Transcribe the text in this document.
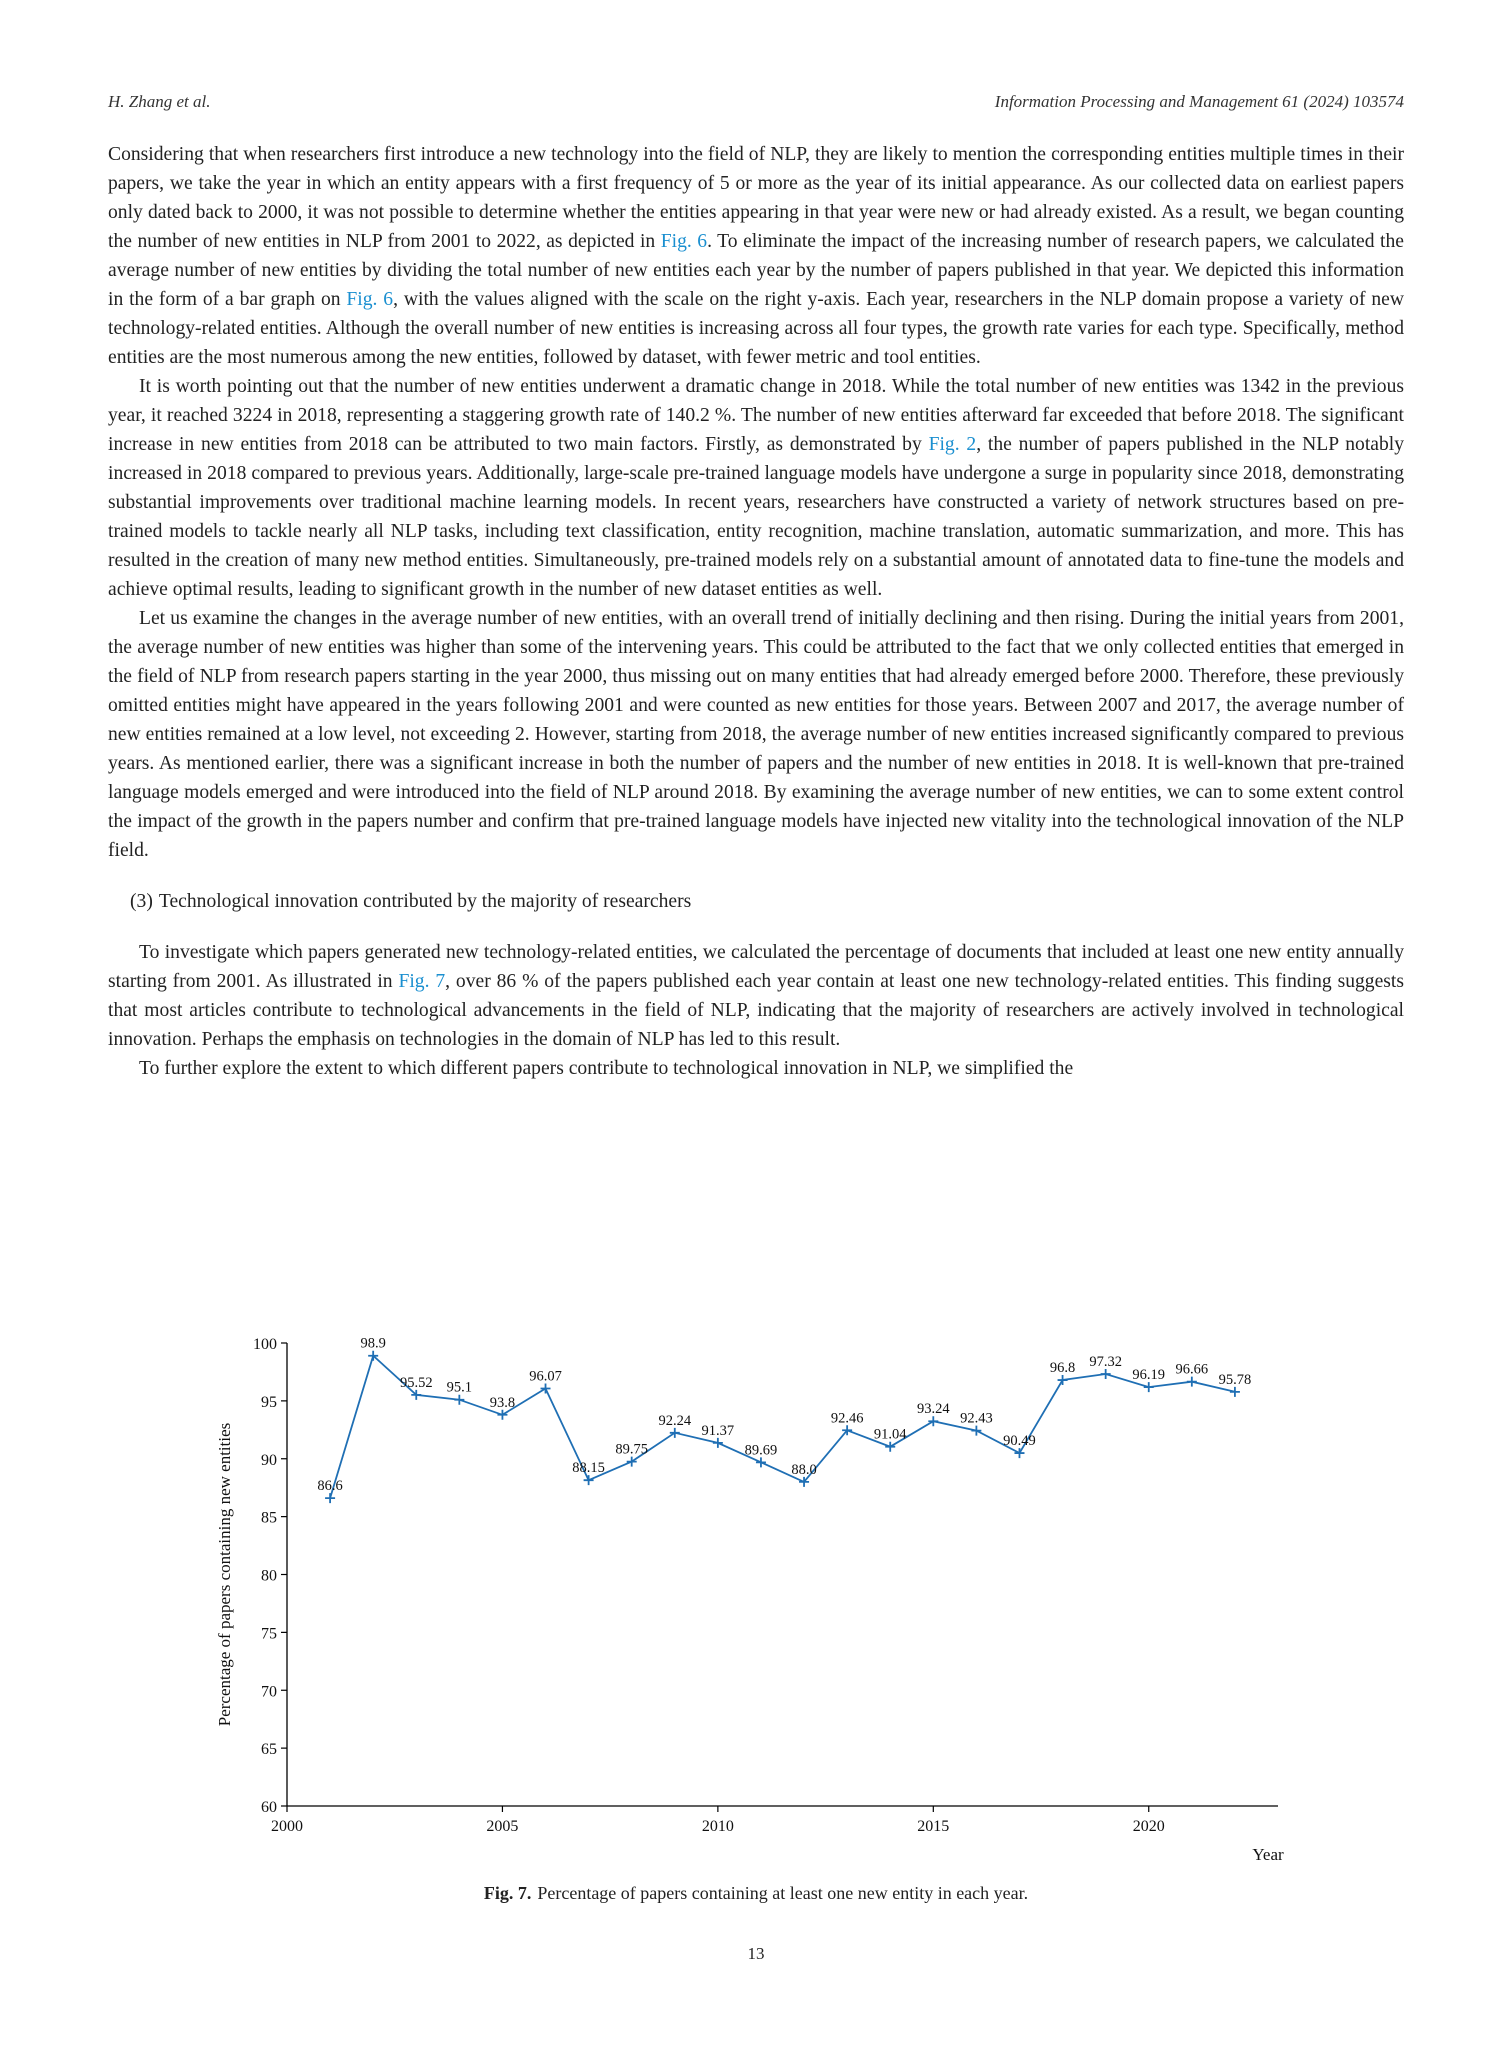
H. Zhang et al.	Information Processing and Management 61 (2024) 103574

Considering that when researchers first introduce a new technology into the field of NLP, they are likely to mention the corresponding entities multiple times in their papers, we take the year in which an entity appears with a first frequency of 5 or more as the year of its initial appearance. As our collected data on earliest papers only dated back to 2000, it was not possible to determine whether the entities appearing in that year were new or had already existed. As a result, we began counting the number of new entities in NLP from 2001 to 2022, as depicted in Fig. 6. To eliminate the impact of the increasing number of research papers, we calculated the average number of new entities by dividing the total number of new entities each year by the number of papers published in that year. We depicted this information in the form of a bar graph on Fig. 6, with the values aligned with the scale on the right y-axis. Each year, researchers in the NLP domain propose a variety of new technology-related entities. Although the overall number of new entities is increasing across all four types, the growth rate varies for each type. Specifically, method entities are the most numerous among the new entities, followed by dataset, with fewer metric and tool entities.

It is worth pointing out that the number of new entities underwent a dramatic change in 2018. While the total number of new entities was 1342 in the previous year, it reached 3224 in 2018, representing a staggering growth rate of 140.2 %. The number of new entities afterward far exceeded that before 2018. The significant increase in new entities from 2018 can be attributed to two main factors. Firstly, as demonstrated by Fig. 2, the number of papers published in the NLP notably increased in 2018 compared to previous years. Additionally, large-scale pre-trained language models have undergone a surge in popularity since 2018, demonstrating substantial improvements over traditional machine learning models. In recent years, researchers have constructed a variety of network structures based on pre-trained models to tackle nearly all NLP tasks, including text classification, entity recognition, machine translation, automatic summarization, and more. This has resulted in the creation of many new method entities. Simultaneously, pre-trained models rely on a substantial amount of annotated data to fine-tune the models and achieve optimal results, leading to significant growth in the number of new dataset entities as well.

Let us examine the changes in the average number of new entities, with an overall trend of initially declining and then rising. During the initial years from 2001, the average number of new entities was higher than some of the intervening years. This could be attributed to the fact that we only collected entities that emerged in the field of NLP from research papers starting in the year 2000, thus missing out on many entities that had already emerged before 2000. Therefore, these previously omitted entities might have appeared in the years following 2001 and were counted as new entities for those years. Between 2007 and 2017, the average number of new entities remained at a low level, not exceeding 2. However, starting from 2018, the average number of new entities increased significantly compared to previous years. As mentioned earlier, there was a significant increase in both the number of papers and the number of new entities in 2018. It is well-known that pre-trained language models emerged and were introduced into the field of NLP around 2018. By examining the average number of new entities, we can to some extent control the impact of the growth in the papers number and confirm that pre-trained language models have injected new vitality into the technological innovation of the NLP field.

(3) Technological innovation contributed by the majority of researchers

To investigate which papers generated new technology-related entities, we calculated the percentage of documents that included at least one new entity annually starting from 2001. As illustrated in Fig. 7, over 86 % of the papers published each year contain at least one new technology-related entities. This finding suggests that most articles contribute to technological advancements in the field of NLP, indicating that the majority of researchers are actively involved in technological innovation. Perhaps the emphasis on technologies in the domain of NLP has led to this result.

To further explore the extent to which different papers contribute to technological innovation in NLP, we simplified the

60
65
70
75
80
85
90
95
100
2000	2005	2010	2015	2020
Year
Percentage of papers containing new entities	86.6
98.9
95.52 95.1
93.8
96.07
88.15
89.75
92.24
91.37
89.69
88.0
92.46
91.04
93.24
92.43
90.49
96.8 97.32
96.19 96.66
95.78
Fig. 7. Percentage of papers containing at least one new entity in each year.
13
